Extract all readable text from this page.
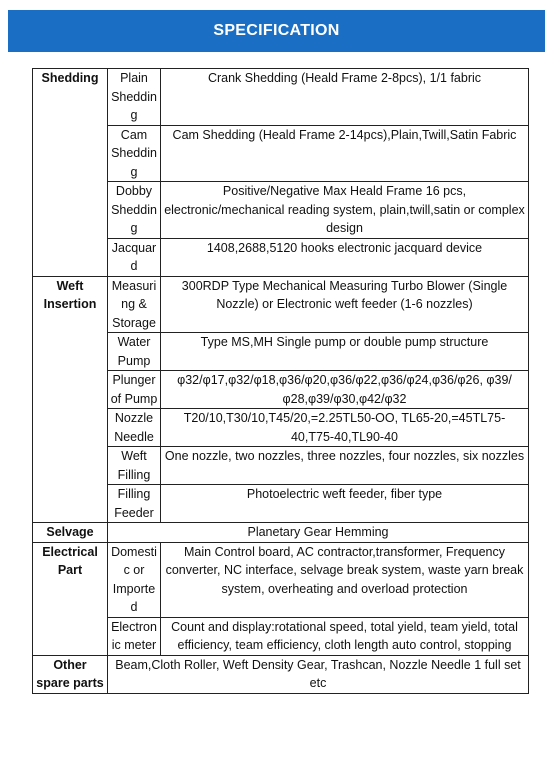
SPECIFICATION
Shedding	Plain Shedding	Crank Shedding (Heald Frame 2-8pcs), 1/1 fabric
	Cam Shedding	Cam Shedding (Heald Frame 2-14pcs),Plain,Twill,Satin Fabric
	Dobby Shedding	Positive/Negative Max Heald Frame 16 pcs, electronic/mechanical reading system, plain,twill,satin or complex design
	Jacquard	1408,2688,5120 hooks electronic jacquard device
Weft Insertion	Measuring & Storage	300RDP Type Mechanical Measuring Turbo Blower (Single Nozzle) or Electronic weft feeder (1-6 nozzles)
	Water Pump	Type MS,MH Single pump or double pump structure
	Plunger of Pump	φ32/φ17,φ32/φ18,φ36/φ20,φ36/φ22,φ36/φ24,φ36/φ26, φ39/φ28,φ39/φ30,φ42/φ32
	Nozzle Needle	T20/10,T30/10,T45/20,=2.25TL50-OO, TL65-20,=45TL75-40,T75-40,TL90-40
	Weft Filling	One nozzle, two nozzles, three nozzles, four nozzles, six nozzles
	Filling Feeder	Photoelectric weft feeder, fiber type
Selvage	Planetary Gear Hemming	
Electrical Part	Domestic or Imported	Main Control board, AC contractor,transformer, Frequency converter, NC interface, selvage break system, waste yarn break system, overheating and overload protection
	Electronic meter	Count and display:rotational speed, total yield, team yield, total efficiency, team efficiency, cloth length auto control, stopping
Other spare parts	Beam,Cloth Roller, Weft Density Gear, Trashcan, Nozzle Needle 1 full set etc	
